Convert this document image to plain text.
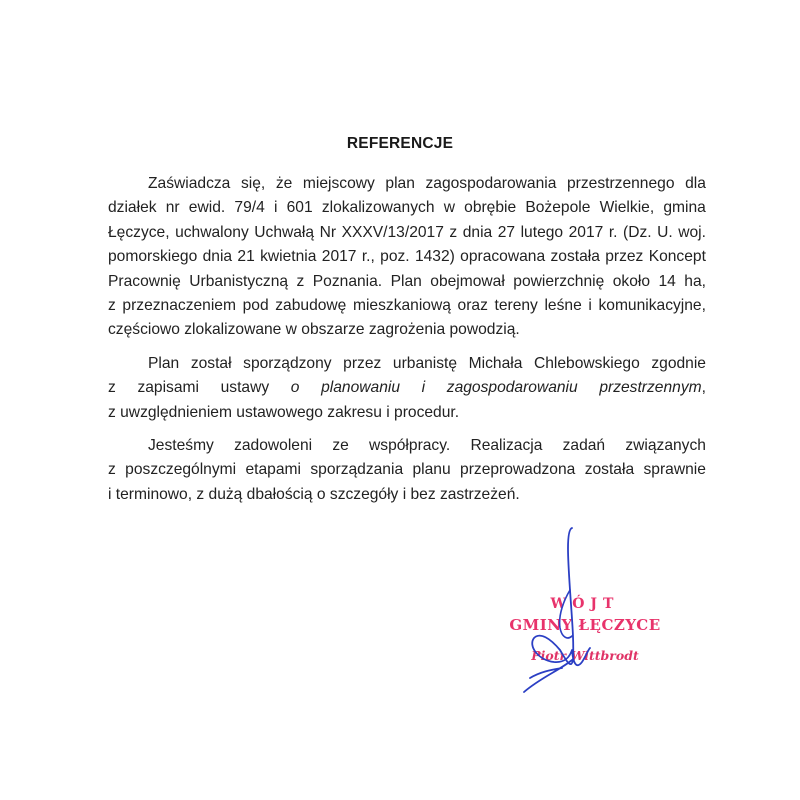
REFERENCJE
Zaświadcza się, że miejscowy plan zagospodarowania przestrzennego dla
działek nr ewid. 79/4 i 601 zlokalizowanych w obrębie Bożepole Wielkie, gmina
Łęczyce, uchwalony Uchwałą Nr XXXV/13/2017 z dnia 27 lutego 2017 r. (Dz. U. woj.
pomorskiego dnia 21 kwietnia 2017 r., poz. 1432) opracowana została przez Koncept
Pracownię Urbanistyczną z Poznania. Plan obejmował powierzchnię około 14 ha,
z przeznaczeniem pod zabudowę mieszkaniową oraz tereny leśne i komunikacyjne,
częściowo zlokalizowane w obszarze zagrożenia powodzią.
Plan został sporządzony przez urbanistę Michała Chlebowskiego zgodnie
z zapisami ustawy o planowaniu i zagospodarowaniu przestrzennym,
z uwzględnieniem ustawowego zakresu i procedur.
Jesteśmy zadowoleni ze współpracy. Realizacja zadań związanych
z poszczególnymi etapami sporządzania planu przeprowadzona została sprawnie
i terminowo, z dużą dbałością o szczegóły i bez zastrzeżeń.
WÓJT
GMINY ŁĘCZYCE
Piotr Wittbrodt
